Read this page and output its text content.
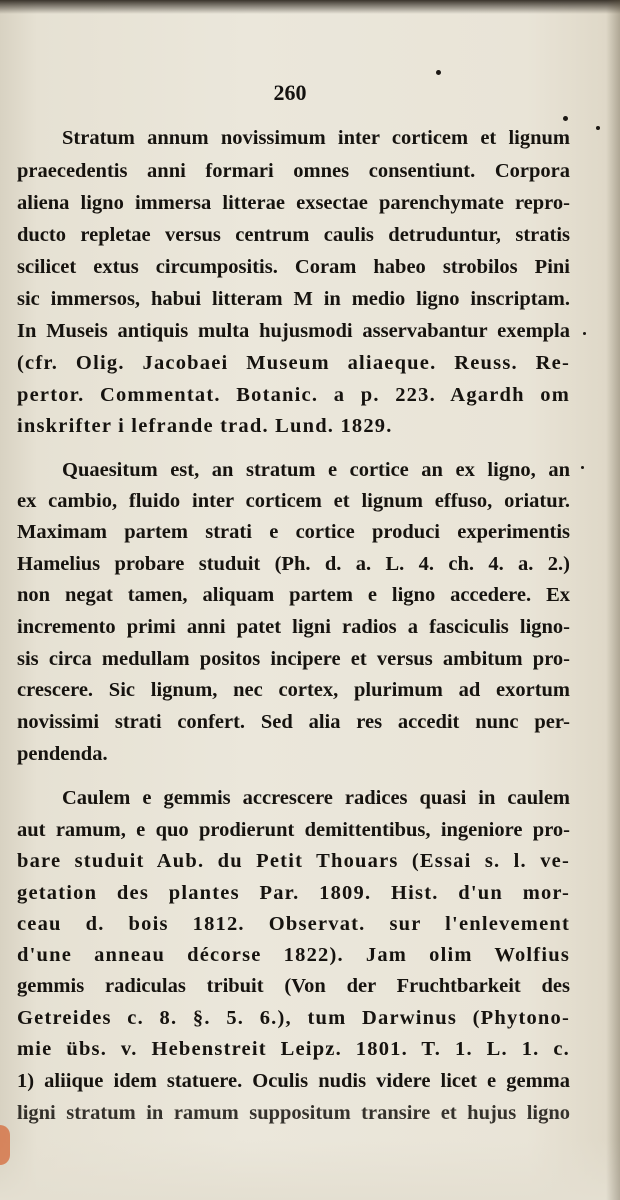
260
Stratum annum novissimum inter corticem et lignum
praecedentis anni formari omnes consentiunt. Corpora
aliena ligno immersa litterae exsectae parenchymate repro-
ducto repletae versus centrum caulis detruduntur, stratis
scilicet extus circumpositis. Coram habeo strobilos Pini
sic immersos, habui litteram M in medio ligno inscriptam.
In Museis antiquis multa hujusmodi asservabantur exempla
(cfr. Olig. Jacobaei Museum aliaeque. Reuss. Re-
pertor. Commentat. Botanic. a p. 223. Agardh om
inskrifter i lefrande trad. Lund. 1829.
Quaesitum est, an stratum e cortice an ex ligno, an
ex cambio, fluido inter corticem et lignum effuso, oriatur.
Maximam partem strati e cortice produci experimentis
Hamelius probare studuit (Ph. d. a. L. 4. ch. 4. a. 2.)
non negat tamen, aliquam partem e ligno accedere. Ex
incremento primi anni patet ligni radios a fasciculis ligno-
sis circa medullam positos incipere et versus ambitum pro-
crescere. Sic lignum, nec cortex, plurimum ad exortum
novissimi strati confert. Sed alia res accedit nunc per-
pendenda.
Caulem e gemmis accrescere radices quasi in caulem
aut ramum, e quo prodierunt demittentibus, ingeniore pro-
bare studuit Aub. du Petit Thouars (Essai s. l. ve-
getation des plantes Par. 1809. Hist. d'un mor-
ceau d. bois 1812. Observat. sur l'enlevement
d'une anneau décorse 1822). Jam olim Wolfius
gemmis radiculas tribuit (Von der Fruchtbarkeit des
Getreides c. 8. §. 5. 6.), tum Darwinus (Phytono-
mie übs. v. Hebenstreit Leipz. 1801. T. 1. L. 1. c.
1) aliique idem statuere. Oculis nudis videre licet e gemma
ligni stratum in ramum suppositum transire et hujus ligno
